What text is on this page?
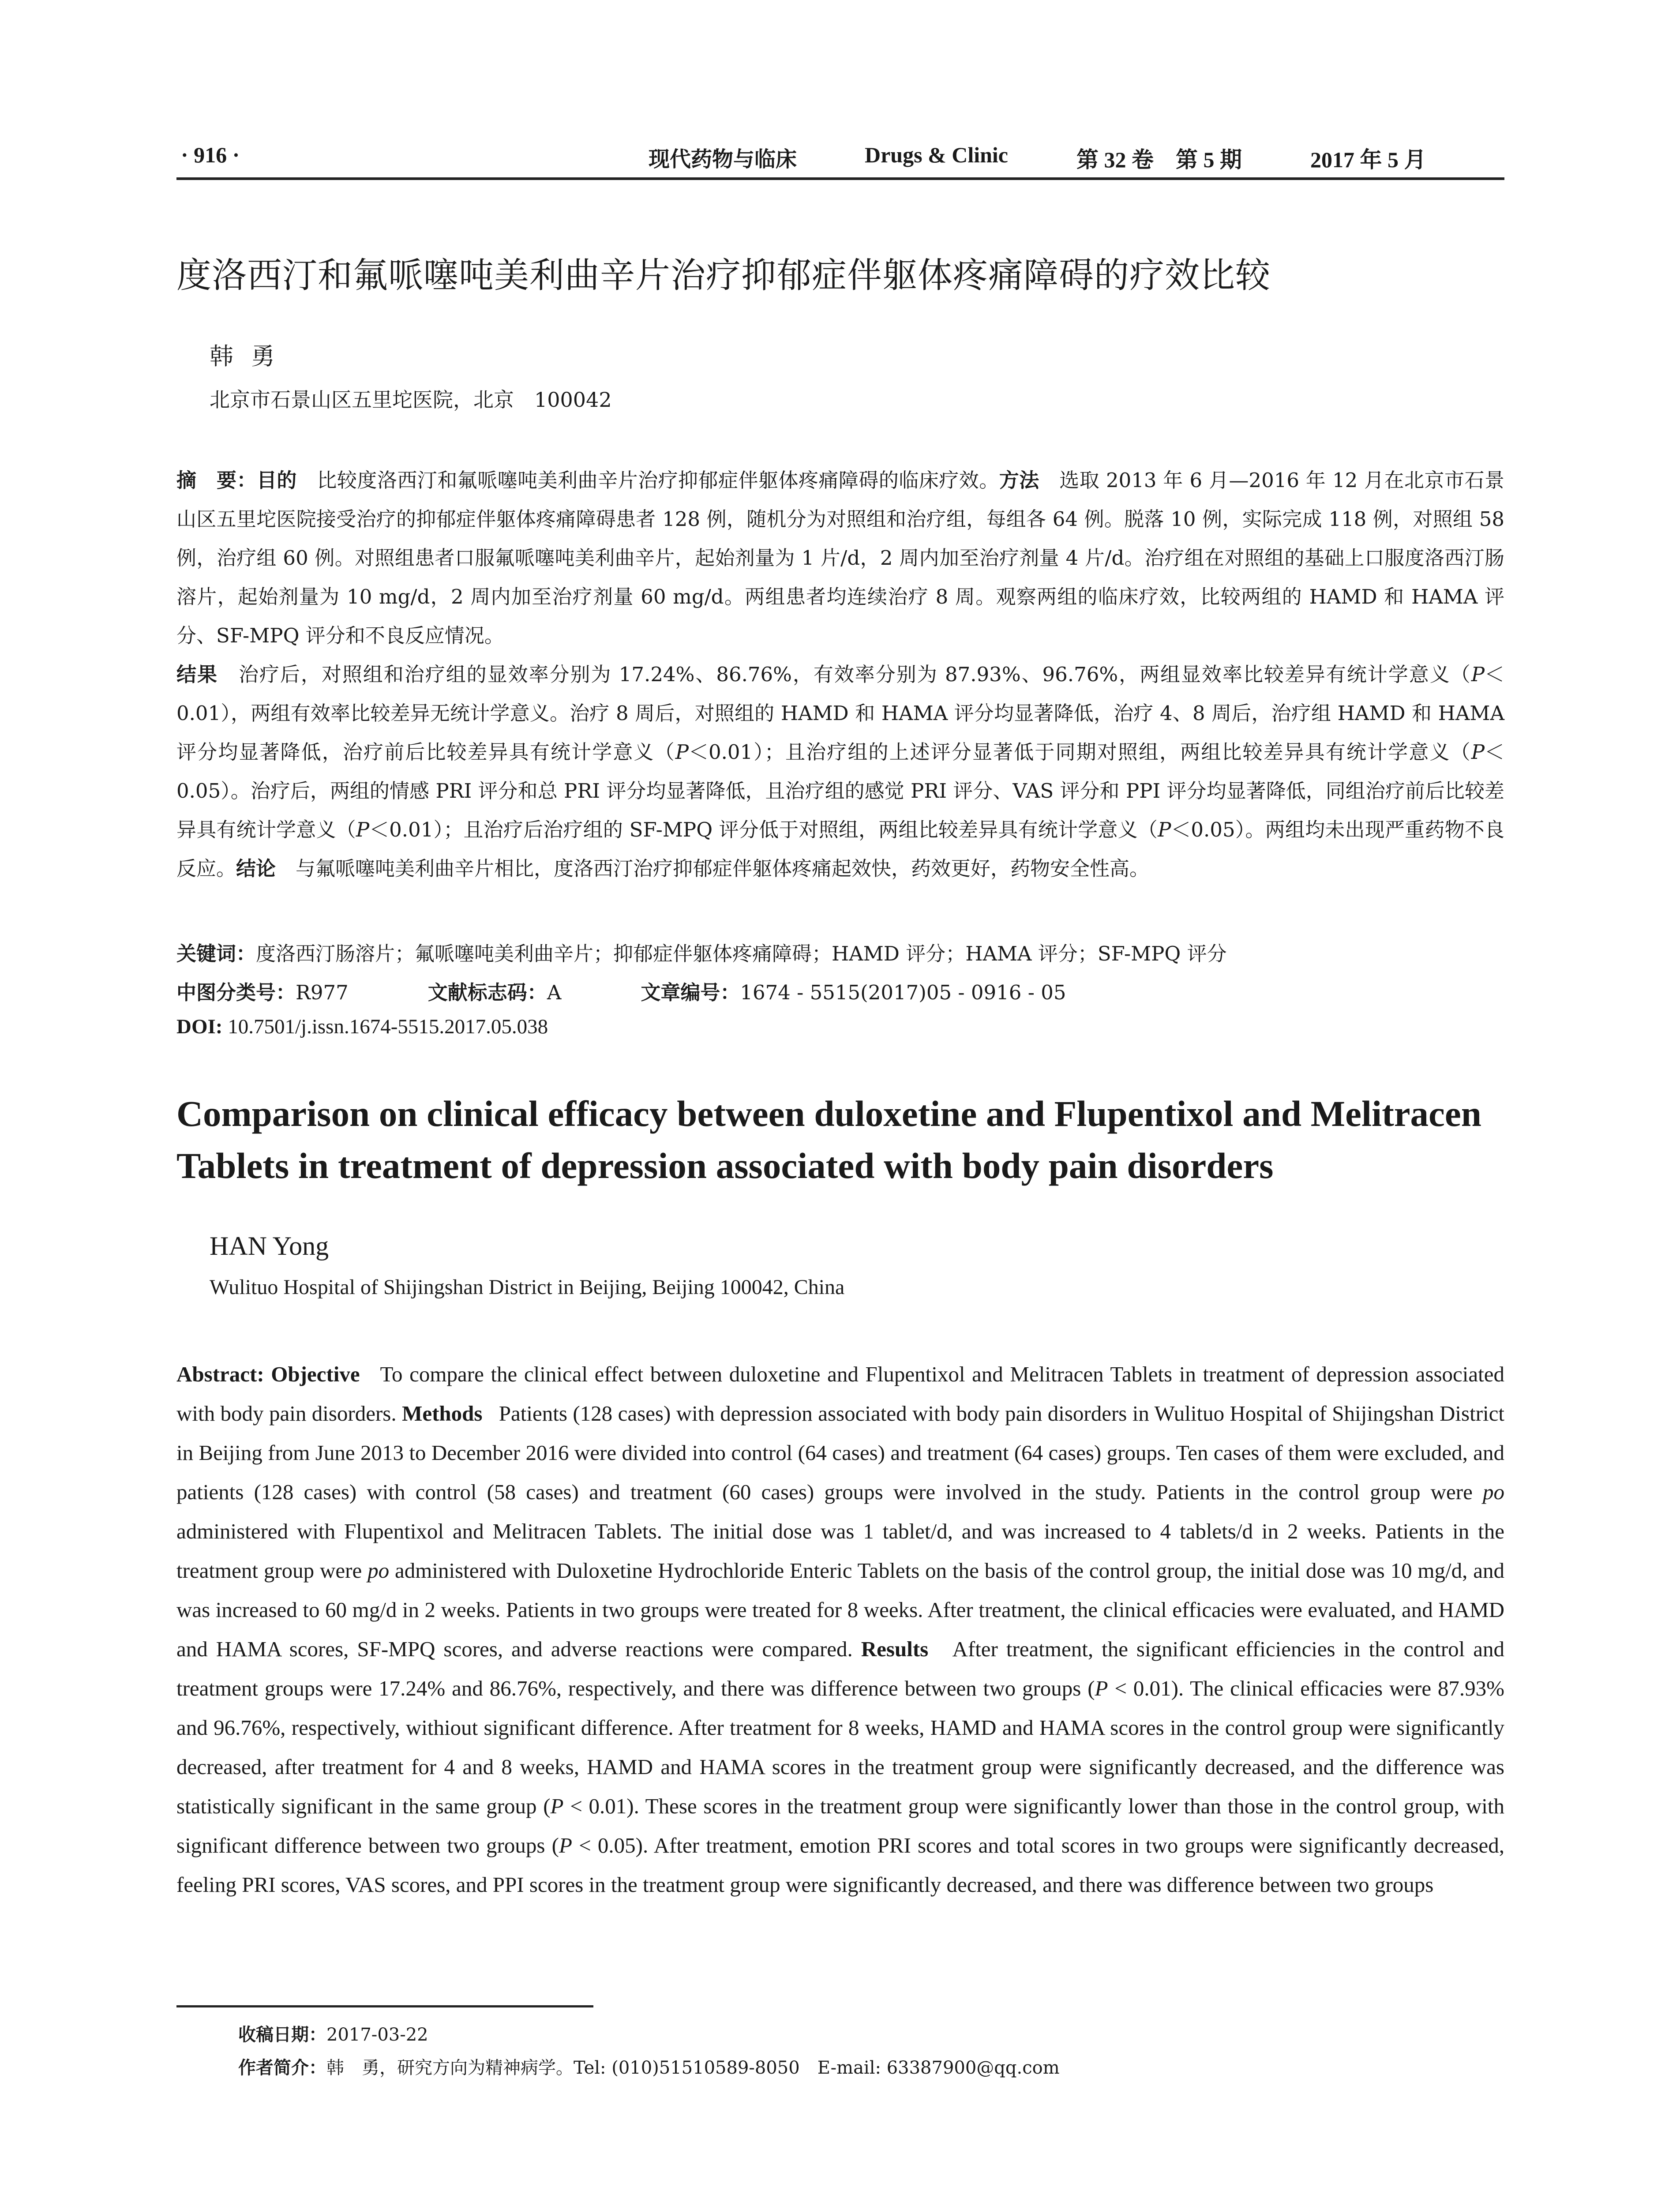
· 916 ·	现代药物与临床	Drugs & Clinic	第 32 卷　第 5 期	2017 年 5 月
度洛西汀和氟哌噻吨美利曲辛片治疗抑郁症伴躯体疼痛障碍的疗效比较
韩勇
北京市石景山区五里坨医院，北京　100042
摘　要：目的　 比较度洛西汀和氟哌噻吨美利曲辛片治疗抑郁症伴躯体疼痛障碍的临床疗效。方法　 选取 2013 年 6 月—2016 年 12 月在北京市石景山区五里坨医院接受治疗的抑郁症伴躯体疼痛障碍患者 128 例，随机分为对照组和治疗组，每组各 64 例。脱落 10 例，实际完成 118 例，对照组 58 例，治疗组 60 例。对照组患者口服氟哌噻吨美利曲辛片，起始剂量为 1 片/d，2 周内加至治疗剂量 4 片/d。治疗组在对照组的基础上口服度洛西汀肠溶片，起始剂量为 10 mg/d，2 周内加至治疗剂量 60 mg/d。两组患者均连续治疗 8 周。观察两组的临床疗效，比较两组的 HAMD 和 HAMA 评分、SF-MPQ 评分和不良反应情况。
结果　 治疗后，对照组和治疗组的显效率分别为 17.24%、86.76%，有效率分别为 87.93%、96.76%，两组显效率比较差异有统计学意义（P＜0.01），两组有效率比较差异无统计学意义。治疗 8 周后，对照组的 HAMD 和 HAMA 评分均显著降低，治疗 4、8 周后，治疗组 HAMD 和 HAMA 评分均显著降低，治疗前后比较差异具有统计学意义（P＜0.01）；且治疗组的上述评分显著低于同期对照组，两组比较差异具有统计学意义（P＜0.05）。治疗后，两组的情感 PRI 评分和总 PRI 评分均显著降低，且治疗组的感觉 PRI 评分、VAS 评分和 PPI 评分均显著降低，同组治疗前后比较差异具有统计学意义（P＜0.01）；且治疗后治疗组的 SF-MPQ 评分低于对照组，两组比较差异具有统计学意义（P＜0.05）。两组均未出现严重药物不良反应。结论　 与氟哌噻吨美利曲辛片相比，度洛西汀治疗抑郁症伴躯体疼痛起效快，药效更好，药物安全性高。
关键词：度洛西汀肠溶片；氟哌噻吨美利曲辛片；抑郁症伴躯体疼痛障碍；HAMD 评分；HAMA 评分；SF-MPQ 评分
中图分类号：R977	文献标志码：A	文章编号：1674 - 5515(2017)05 - 0916 - 05
DOI: 10.7501/j.issn.1674-5515.2017.05.038
Comparison on clinical efficacy between duloxetine and Flupentixol and Melitracen Tablets in treatment of depression associated with body pain disorders
HAN Yong
Wulituo Hospital of Shijingshan District in Beijing, Beijing 100042, China
Abstract: Objective To compare the clinical effect between duloxetine and Flupentixol and Melitracen Tablets in treatment of depression associated with body pain disorders. Methods Patients (128 cases) with depression associated with body pain disorders in Wulituo Hospital of Shijingshan District in Beijing from June 2013 to December 2016 were divided into control (64 cases) and treatment (64 cases) groups. Ten cases of them were excluded, and patients (128 cases) with control (58 cases) and treatment (60 cases) groups were involved in the study. Patients in the control group were po administered with Flupentixol and Melitracen Tablets. The initial dose was 1 tablet/d, and was increased to 4 tablets/d in 2 weeks. Patients in the treatment group were po administered with Duloxetine Hydrochloride Enteric Tablets on the basis of the control group, the initial dose was 10 mg/d, and was increased to 60 mg/d in 2 weeks. Patients in two groups were treated for 8 weeks. After treatment, the clinical efficacies were evaluated, and HAMD and HAMA scores, SF-MPQ scores, and adverse reactions were compared. Results After treatment, the significant efficiencies in the control and treatment groups were 17.24% and 86.76%, respectively, and there was difference between two groups (P < 0.01). The clinical efficacies were 87.93% and 96.76%, respectively, withiout significant difference. After treatment for 8 weeks, HAMD and HAMA scores in the control group were significantly decreased, after treatment for 4 and 8 weeks, HAMD and HAMA scores in the treatment group were significantly decreased, and the difference was statistically significant in the same group (P < 0.01). These scores in the treatment group were significantly lower than those in the control group, with significant difference between two groups (P < 0.05). After treatment, emotion PRI scores and total scores in two groups were significantly decreased, feeling PRI scores, VAS scores, and PPI scores in the treatment group were significantly decreased, and there was difference between two groups
收稿日期：2017-03-22
作者简介：韩　勇，研究方向为精神病学。Tel: (010)51510589-8050　E-mail: 63387900@qq.com
